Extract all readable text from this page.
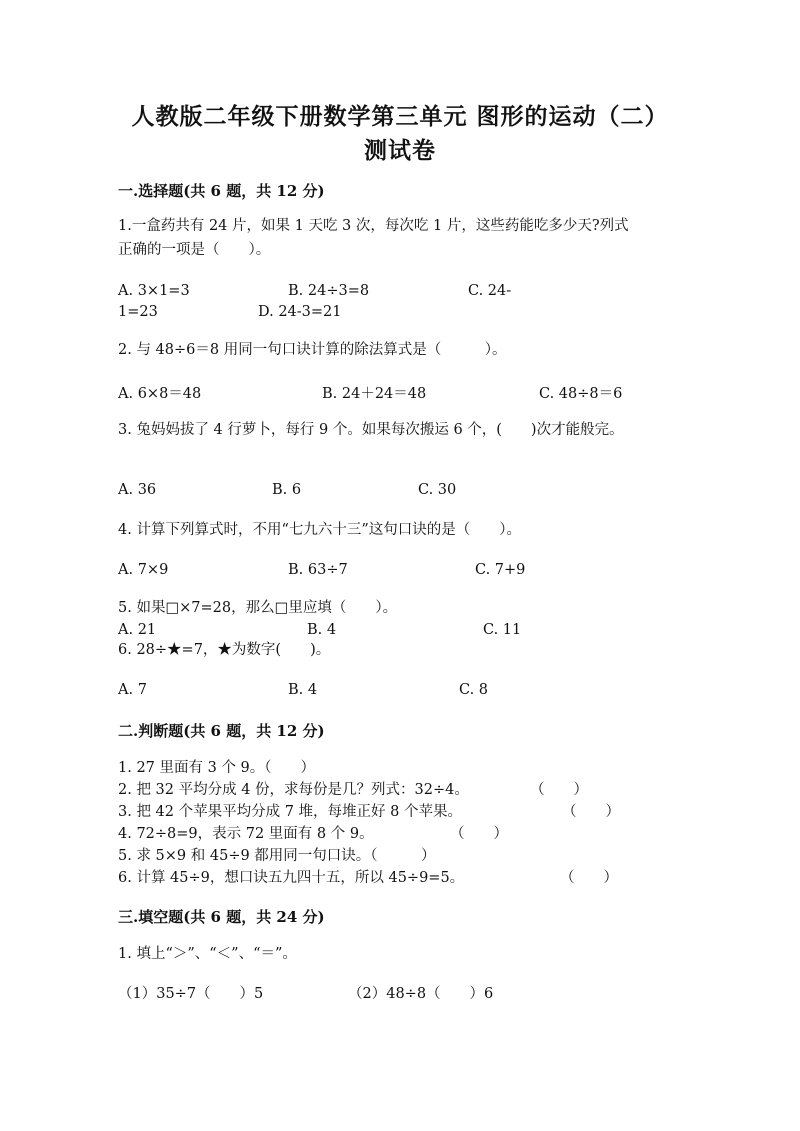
人教版二年级下册数学第三单元 图形的运动（二）
测试卷
一.选择题(共 6 题，共 12 分)
1.一盒药共有 24 片，如果 1 天吃 3 次，每次吃 1 片，这些药能吃多少天?列式
正确的一项是（　　）。
A. 3×1=3	B. 24÷3=8	C. 24-
1=23	D. 24-3=21
2. 与 48÷6＝8 用同一句口诀计算的除法算式是（　　　）。
A. 6×8＝48	B. 24＋24＝48	C. 48÷8＝6
3. 兔妈妈拔了 4 行萝卜，每行 9 个。如果每次搬运 6 个，(　　)次才能般完。
A. 36	B. 6	C. 30
4. 计算下列算式时，不用“七九六十三”这句口诀的是（　　）。
A. 7×9	B. 63÷7	C. 7+9
5. 如果□×7=28，那么□里应填（　　）。
A. 21	B. 4	C. 11
6. 28÷★=7，★为数字(　　)。
A. 7	B. 4	C. 8
二.判断题(共 6 题，共 12 分)
1. 27 里面有 3 个 9。（　　）
2. 把 32 平均分成 4 份，求每份是几？列式：32÷4。	（　　）
3. 把 42 个苹果平均分成 7 堆，每堆正好 8 个苹果。	（　　）
4. 72÷8=9，表示 72 里面有 8 个 9。	（　　）
5. 求 5×9 和 45÷9 都用同一句口诀。（　　　）
6. 计算 45÷9，想口诀五九四十五，所以 45÷9=5。	（　　）
三.填空题(共 6 题，共 24 分)
1. 填上“＞”、“＜”、“＝”。
（1）35÷7（　　）5	（2）48÷8（　　）6
